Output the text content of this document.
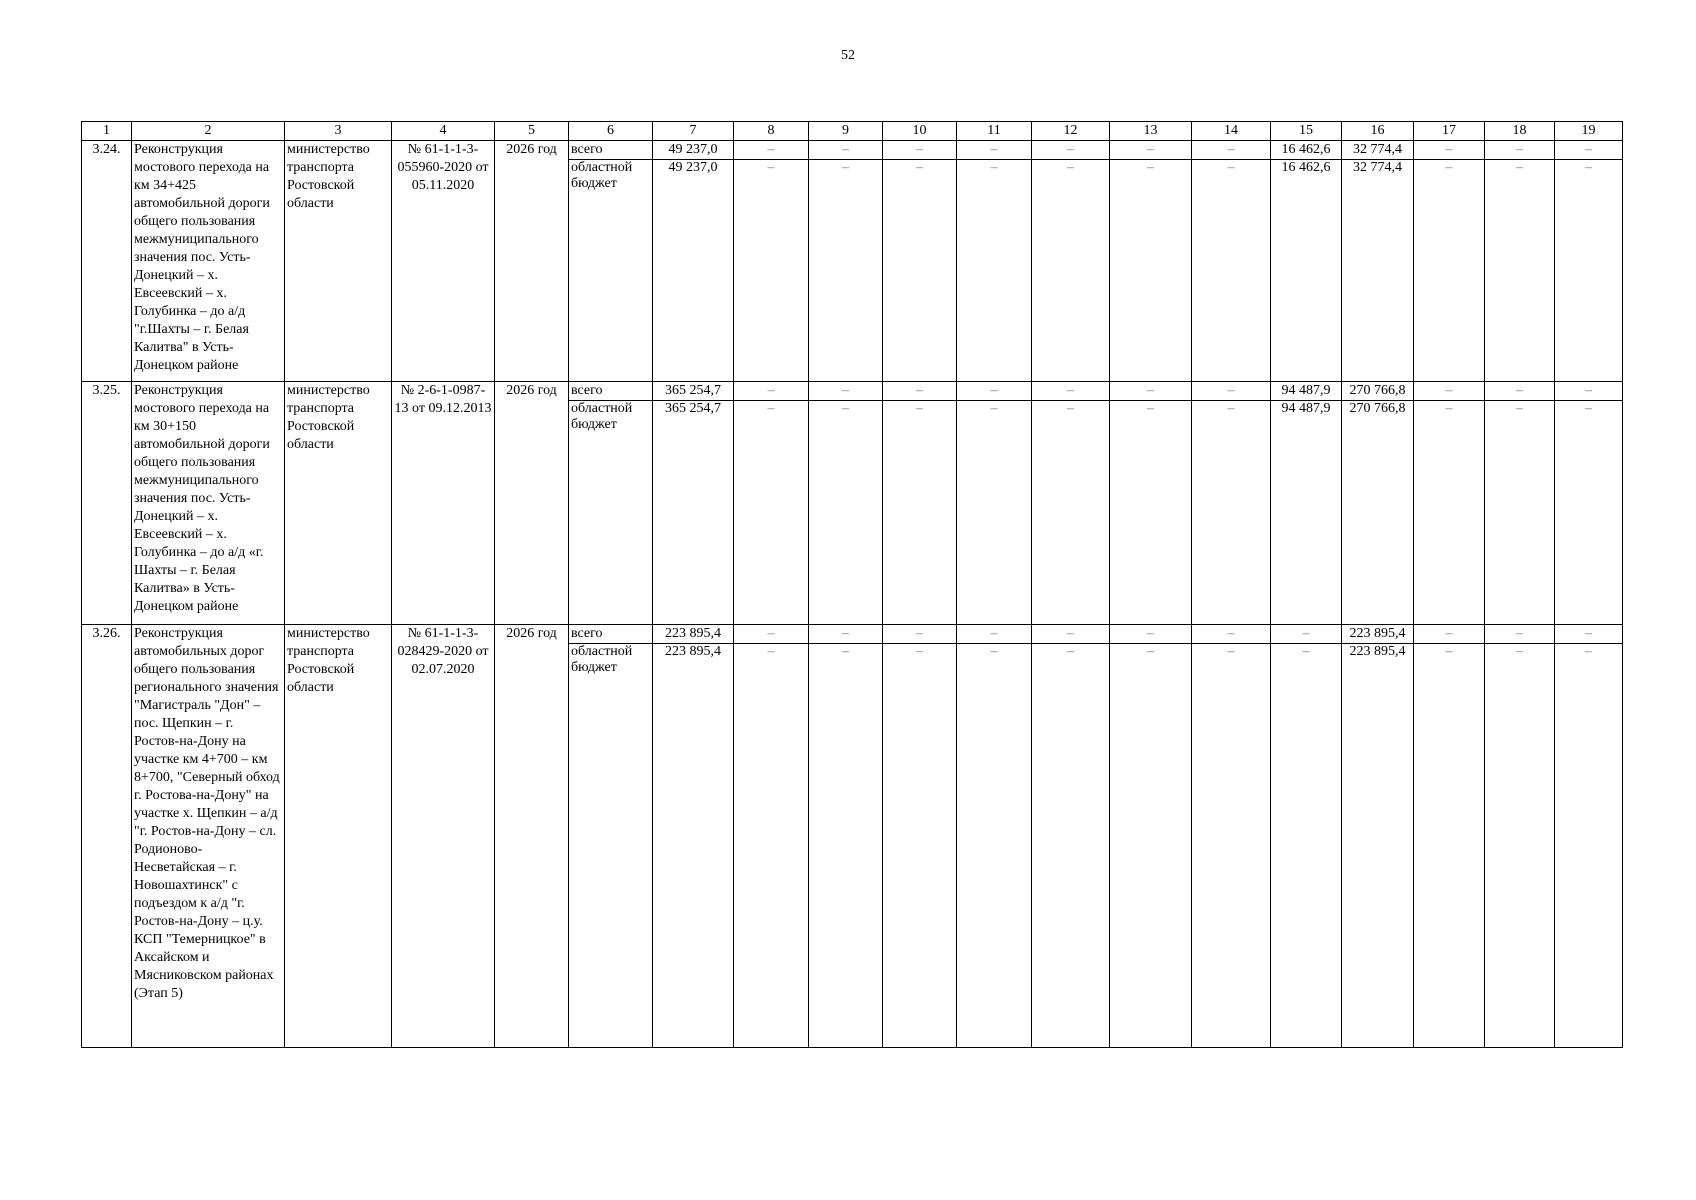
52
1	2	3	4	5	6	7	8	9	10	11	12	13	14	15	16	17	18	19	
3.24.	Реконструкция мостового перехода на км 34+425 автомобильной дороги общего пользования межмуниципального значения пос. Усть-Донецкий – х. Евсеевский – х. Голубинка – до а/д "г.Шахты – г. Белая Калитва" в Усть-Донецком районе	министерство транспорта Ростовской области	№ 61-1-1-3-055960-2020 от 05.11.2020	2026 год	всего	49 237,0	–	–	–	–	–	–	–	16 462,6	32 774,4	–	–	–	
					областной бюджет	49 237,0	–	–	–	–	–	–	–	16 462,6	32 774,4	–	–	–	
3.25.	Реконструкция мостового перехода на км 30+150 автомобильной дороги общего пользования межмуниципального значения пос. Усть-Донецкий – х. Евсеевский – х. Голубинка – до а/д «г. Шахты – г. Белая Калитва» в Усть-Донецком районе	министерство транспорта Ростовской области	№ 2-6-1-0987-13 от 09.12.2013	2026 год	всего	365 254,7	–	–	–	–	–	–	–	94 487,9	270 766,8	–	–	–	
					областной бюджет	365 254,7	–	–	–	–	–	–	–	94 487,9	270 766,8	–	–	–	
3.26.	Реконструкция автомобильных дорог общего пользования регионального значения "Магистраль "Дон" – пос. Щепкин – г. Ростов-на-Дону на участке км 4+700 – км 8+700, "Северный обход г. Ростова-на-Дону" на участке х. Щепкин – а/д "г. Ростов-на-Дону – сл. Родионово-Несветайская – г. Новошахтинск" с подъездом к а/д "г. Ростов-на-Дону – ц.у. КСП "Темерницкое" в Аксайском и Мясниковском районах (Этап 5)	министерство транспорта Ростовской области	№ 61-1-1-3-028429-2020 от 02.07.2020	2026 год	всего	223 895,4	–	–	–	–	–	–	–	–	223 895,4	–	–	–	
					областной бюджет	223 895,4	–	–	–	–	–	–	–	–	223 895,4	–	–	–	
